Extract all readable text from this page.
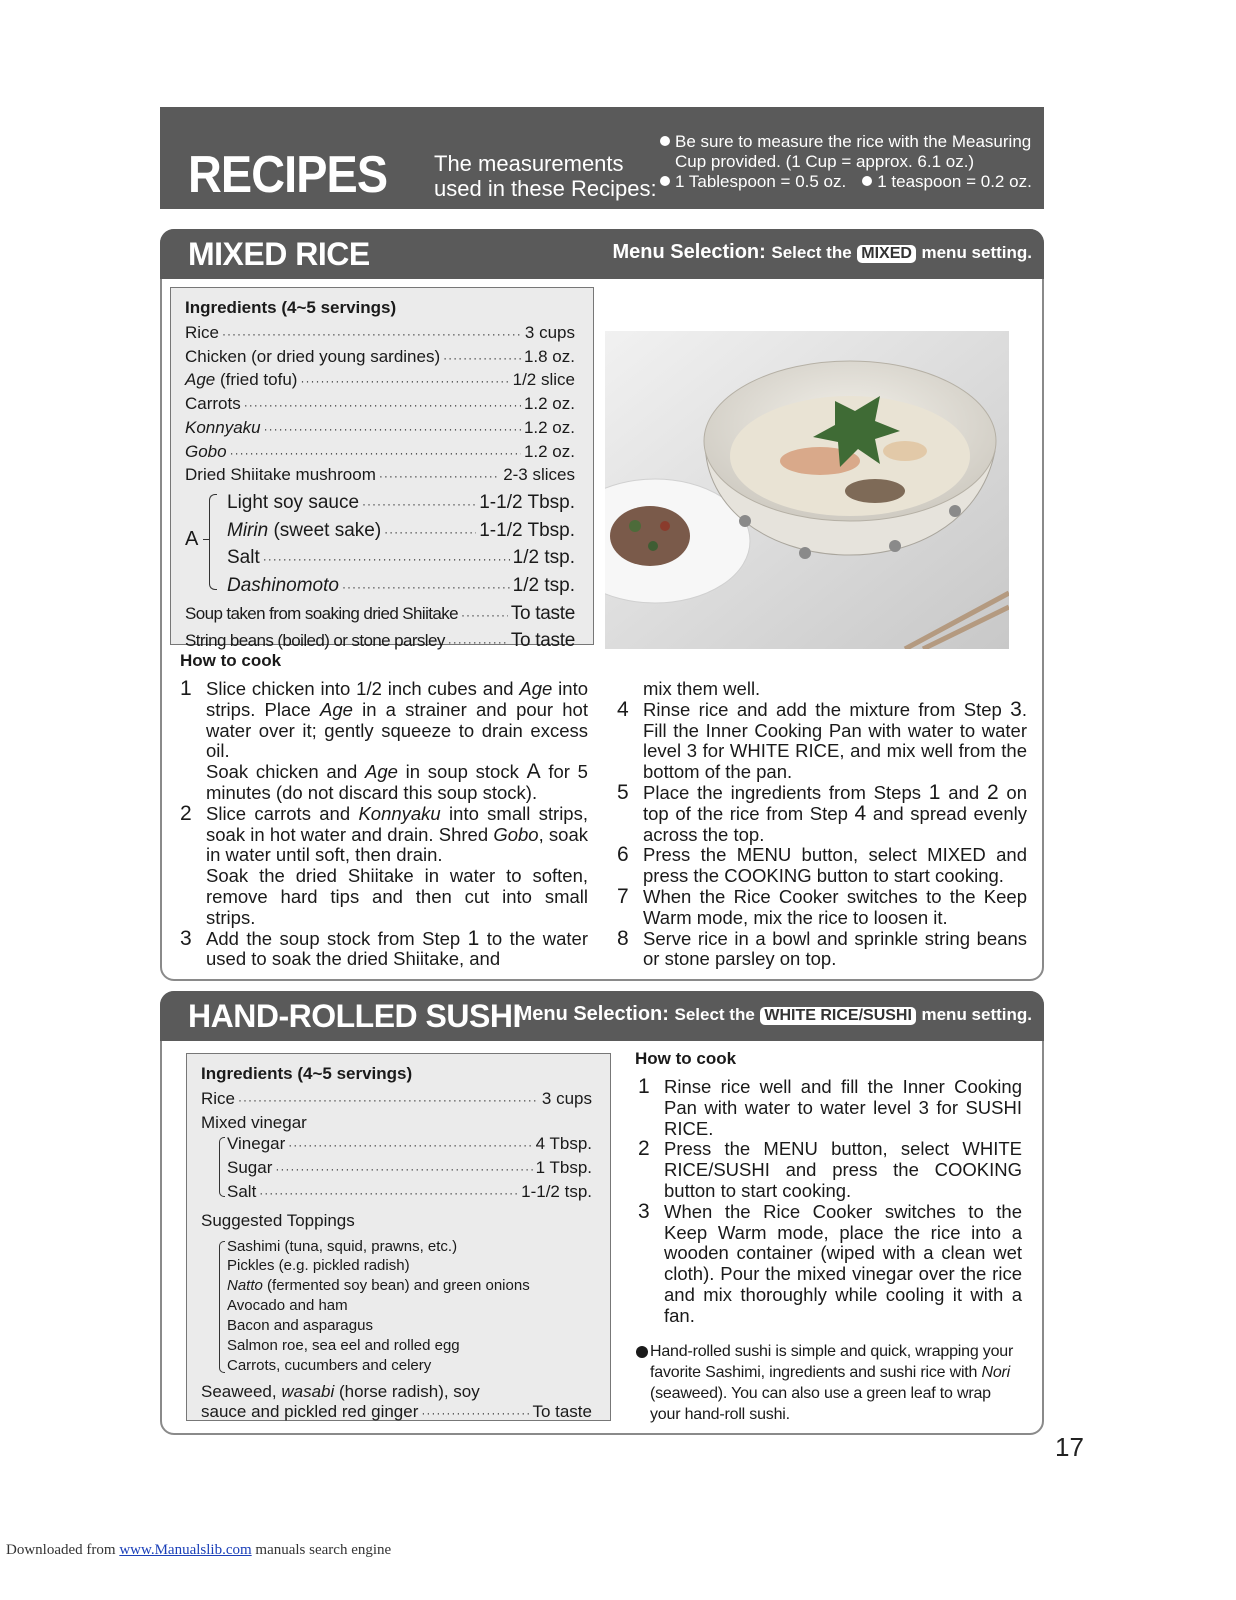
RECIPES The measurements
used in these Recipes:
Be sure to measure the rice with the Measuring
Cup provided. (1 Cup = approx. 6.1 oz.)
1 Tablespoon = 0.5 oz. 1 teaspoon = 0.2 oz.
MIXED RICE	Menu Selection: Select the MIXED menu setting.
Ingredients (4~5 servings)
Rice ·····	3 cups
Chicken (or dried young sardines) ·····	1.8 oz.
Age (fried tofu) ·····	1/2 slice
Carrots ·····	1.2 oz.
Konnyaku ·····	1.2 oz.
Gobo ·····	1.2 oz.
Dried Shiitake mushroom ·····	2-3 slices
A
Light soy sauce ·····	1-1/2 Tbsp.
Mirin (sweet sake) ·····	1-1/2 Tbsp.
Salt ·····	1/2 tsp.
Dashinomoto ·····	1/2 tsp.
Soup taken from soaking dried Shiitake ·····	To taste
String beans (boiled) or stone parsley ·····	To taste
How to cook
1 Slice chicken into 1/2 inch cubes and Age into strips. Place Age in a strainer and pour hot water over it; gently squeeze to drain excess oil.

Soak chicken and Age in soup stock A for 5 minutes (do not discard this soup stock).

2 Slice carrots and Konnyaku into small strips, soak in hot water and drain. Shred Gobo, soak in water until soft, then drain.

Soak the dried Shiitake in water to soften, remove hard tips and then cut into small strips.

3 Add the soup stock from Step 1 to the water used to soak the dried Shiitake, and

mix them well.
4 Rinse rice and add the mixture from Step 3. Fill the Inner Cooking Pan with water to water level 3 for WHITE RICE, and mix well from the bottom of the pan.
5 Place the ingredients from Steps 1 and 2 on top of the rice from Step 4 and spread evenly across the top.
6 Press the MENU button, select MIXED and press the COOKING button to start cooking.
7 When the Rice Cooker switches to the Keep Warm mode, mix the rice to loosen it.
8 Serve rice in a bowl and sprinkle string beans or stone parsley on top.
HAND-ROLLED SUSHI
Menu Selection: Select the WHITE RICE/SUSHI menu setting.
Ingredients (4~5 servings)
Rice ·····	3 cups
Mixed vinegar
Vinegar ·····	4 Tbsp.
Sugar ·····	1 Tbsp.
Salt ·····	1-1/2 tsp.
Suggested Toppings
Sashimi (tuna, squid, prawns, etc.)
Pickles (e.g. pickled radish)
Natto (fermented soy bean) and green onions
Avocado and ham
Bacon and asparagus
Salmon roe, sea eel and rolled egg
Carrots, cucumbers and celery
Seaweed, wasabi (horse radish), soy
sauce and pickled red ginger ·····	To taste
How to cook
1 Rinse rice well and fill the Inner Cooking Pan with water to water level 3 for SUSHI RICE.
2 Press the MENU button, select WHITE RICE/SUSHI and press the COOKING button to start cooking.
3 When the Rice Cooker switches to the Keep Warm mode, place the rice into a wooden container (wiped with a clean wet cloth). Pour the mixed vinegar over the rice and mix thoroughly while cooling it with a fan.
Hand-rolled sushi is simple and quick, wrapping your favorite Sashimi, ingredients and sushi rice with Nori (seaweed). You can also use a green leaf to wrap your hand-roll sushi.
17
Downloaded from www.Manualslib.com manuals search engine
